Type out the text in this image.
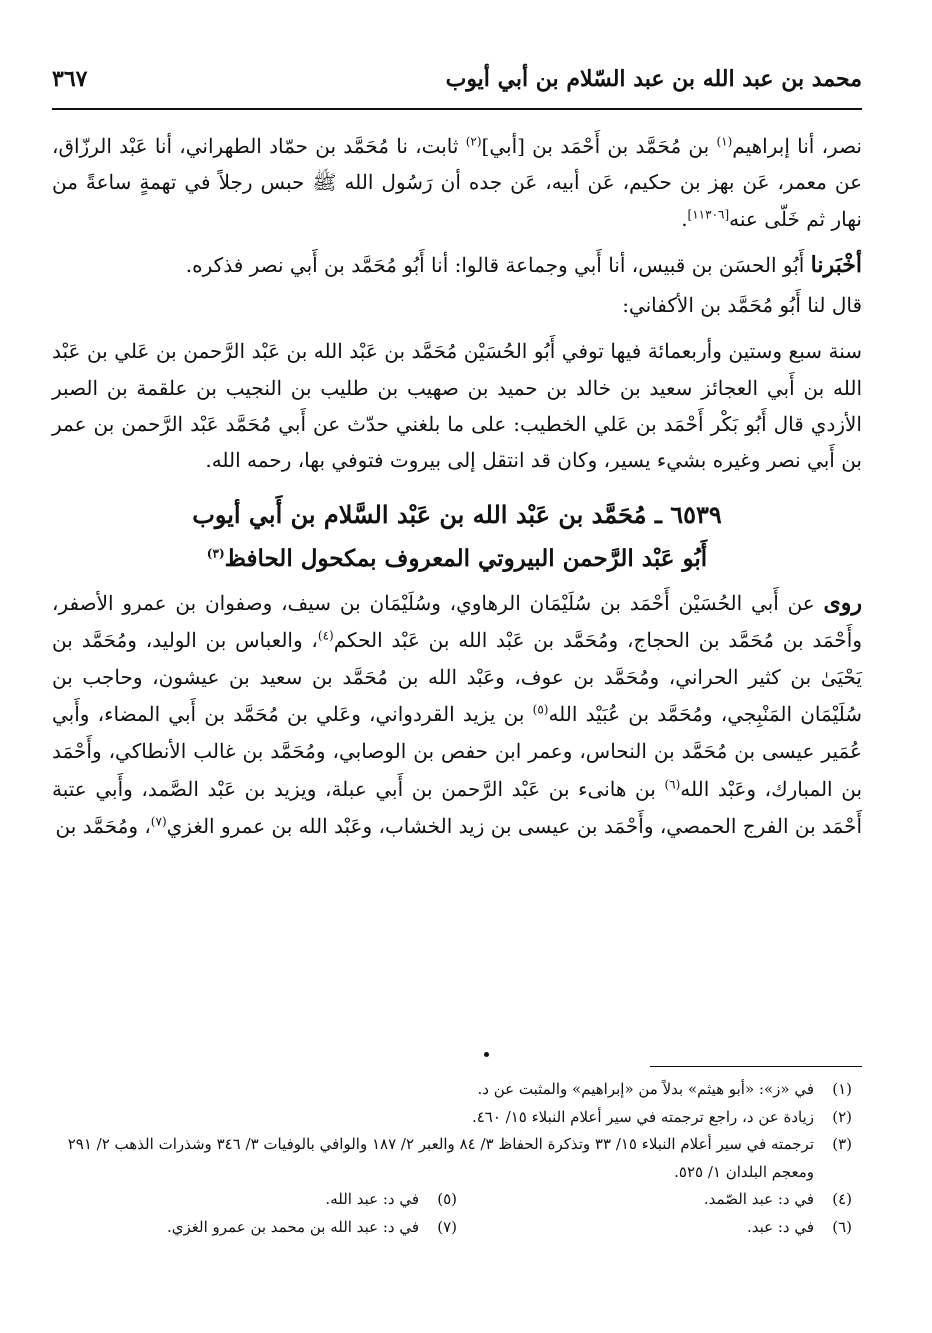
محمد بن عبد الله بن عبد السّلام بن أبي أيوب
٣٦٧

نصر، أنا إبراهيم$^{(١)}$ بن مُحَمَّد بن أَحْمَد بن [أبي]$^{(٢)}$ ثابت، نا مُحَمَّد بن حمّاد الطهراني، أنا عَبْد الرزّاق، عن معمر، عَن بهز بن حكيم، عَن أبيه، عَن جده أن رَسُول الله ﷺ حبس رجلاً في تهمةٍ ساعةً من نهار ثم خَلّى عنه[١١٣٠٦].

أخْبَرنا أَبُو الحسَن بن قبيس، أنا أَبي وجماعة قالوا: أنا أَبُو مُحَمَّد بن أَبي نصر فذكره.

قال لنا أَبُو مُحَمَّد بن الأكفاني:

سنة سبع وستين وأربعمائة فيها توفي أَبُو الحُسَيْن مُحَمَّد بن عَبْد الله بن عَبْد الرَّحمن بن عَلي بن عَبْد الله بن أَبي العجائز سعيد بن خالد بن حميد بن صهيب بن طليب بن النجيب بن علقمة بن الصبر الأزدي قال أَبُو بَكْر أَحْمَد بن عَلي الخطيب: على ما بلغني حدّث عن أَبي مُحَمَّد عَبْد الرَّحمن بن عمر بن أَبي نصر وغيره بشيء يسير، وكان قد انتقل إلى بيروت فتوفي بها، رحمه الله.

٦٥٣٩ ـ مُحَمَّد بن عَبْد الله بن عَبْد السَّلام بن أَبي أيوب
أَبُو عَبْد الرَّحمن البيروتي المعروف بمكحول الحافظ$^{(٣)}$

روى عن أَبي الحُسَيْن أَحْمَد بن سُلَيْمَان الرهاوي، وسُلَيْمَان بن سيف، وصفوان بن عمرو الأصفر، وأَحْمَد بن مُحَمَّد بن الحجاج، ومُحَمَّد بن عَبْد الله بن عَبْد الحكم$^{(٤)}$، والعباس بن الوليد، ومُحَمَّد بن يَحْيَىٰ بن كثير الحراني، ومُحَمَّد بن عوف، وعَبْد الله بن مُحَمَّد بن سعيد بن عيشون، وحاجب بن سُلَيْمَان المَنْبِجي، ومُحَمَّد بن عُبَيْد الله$^{(٥)}$ بن يزيد القردواني، وعَلي بن مُحَمَّد بن أَبي المضاء، وأَبي عُمَير عيسى بن مُحَمَّد بن النحاس، وعمر ابن حفص بن الوصابي، ومُحَمَّد بن غالب الأنطاكي، وأَحْمَد بن المبارك، وعَبْد الله$^{(٦)}$ بن هانىء بن عَبْد الرَّحمن بن أَبي عبلة، ويزيد بن عَبْد الصَّمد، وأَبي عتبة أَحْمَد بن الفرج الحمصي، وأَحْمَد بن عيسى بن زيد الخشاب، وعَبْد الله بن عمرو الغزي$^{(٧)}$، ومُحَمَّد بن

(١)
في «ز»: «أبو هيثم» بدلاً من «إبراهيم» والمثبت عن د.
(٢)
زيادة عن د، راجع ترجمته في سير أعلام النبلاء ١٥/ ٤٦٠.
(٣)
ترجمته في سير أعلام النبلاء ١٥/ ٣٣ وتذكرة الحفاظ ٣/ ٨٤ والعبر ٢/ ١٨٧ والوافي بالوفيات ٣/ ٣٤٦ وشذرات الذهب ٢/ ٢٩١ ومعجم البلدان ١/ ٥٢٥.
(٤)
في د: عبد الصّمد.
(٥)
في د: عبد الله.
(٦)
في د: عبد.
(٧)
في د: عبد الله بن محمد بن عمرو الغزي.
